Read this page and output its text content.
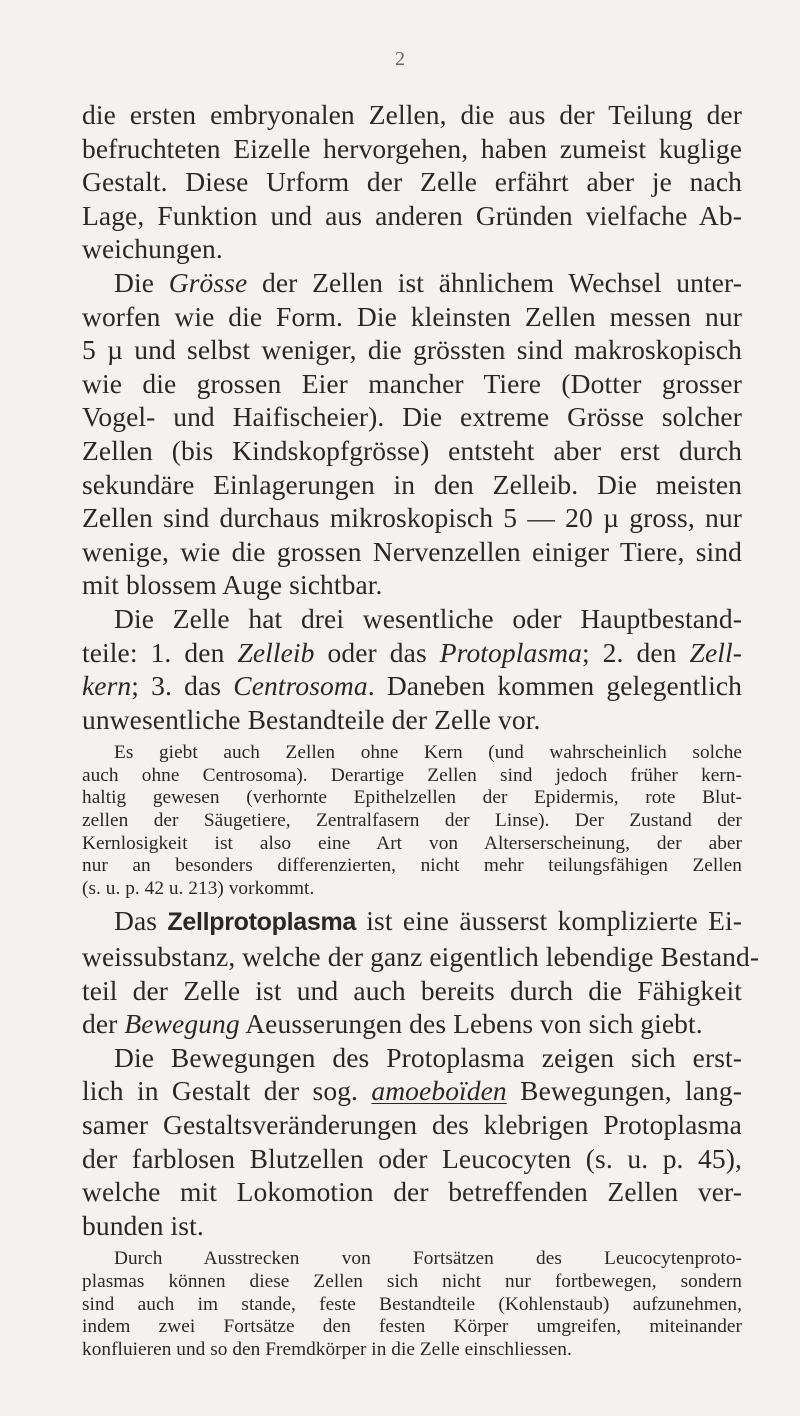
2
die ersten embryonalen Zellen, die aus der Teilung der
befruchteten Eizelle hervorgehen, haben zumeist kuglige
Gestalt. Diese Urform der Zelle erfährt aber je nach
Lage, Funktion und aus anderen Gründen vielfache Ab-
weichungen.
Die Grösse der Zellen ist ähnlichem Wechsel unter-
worfen wie die Form. Die kleinsten Zellen messen nur
5 µ und selbst weniger, die grössten sind makroskopisch
wie die grossen Eier mancher Tiere (Dotter grosser
Vogel- und Haifischeier). Die extreme Grösse solcher
Zellen (bis Kindskopfgrösse) entsteht aber erst durch
sekundäre Einlagerungen in den Zelleib. Die meisten
Zellen sind durchaus mikroskopisch 5 — 20 µ gross, nur
wenige, wie die grossen Nervenzellen einiger Tiere, sind
mit blossem Auge sichtbar.
Die Zelle hat drei wesentliche oder Hauptbestand-
teile: 1. den Zelleib oder das Protoplasma; 2. den Zell-
kern; 3. das Centrosoma. Daneben kommen gelegentlich
unwesentliche Bestandteile der Zelle vor.
Es giebt auch Zellen ohne Kern (und wahrscheinlich solche
auch ohne Centrosoma). Derartige Zellen sind jedoch früher kern-
haltig gewesen (verhornte Epithelzellen der Epidermis, rote Blut-
zellen der Säugetiere, Zentralfasern der Linse). Der Zustand der
Kernlosigkeit ist also eine Art von Alterserscheinung, der aber
nur an besonders differenzierten, nicht mehr teilungsfähigen Zellen
(s. u. p. 42 u. 213) vorkommt.
Das Zellprotoplasma ist eine äusserst komplizierte Ei-
weissubstanz, welche der ganz eigentlich lebendige Bestand-
teil der Zelle ist und auch bereits durch die Fähigkeit
der Bewegung Aeusserungen des Lebens von sich giebt.
Die Bewegungen des Protoplasma zeigen sich erst-
lich in Gestalt der sog. amoeboïden Bewegungen, lang-
samer Gestaltsveränderungen des klebrigen Protoplasma
der farblosen Blutzellen oder Leucocyten (s. u. p. 45),
welche mit Lokomotion der betreffenden Zellen ver-
bunden ist.
Durch Ausstrecken von Fortsätzen des Leucocytenproto-
plasmas können diese Zellen sich nicht nur fortbewegen, sondern
sind auch im stande, feste Bestandteile (Kohlenstaub) aufzunehmen,
indem zwei Fortsätze den festen Körper umgreifen, miteinander
konfluieren und so den Fremdkörper in die Zelle einschliessen.
